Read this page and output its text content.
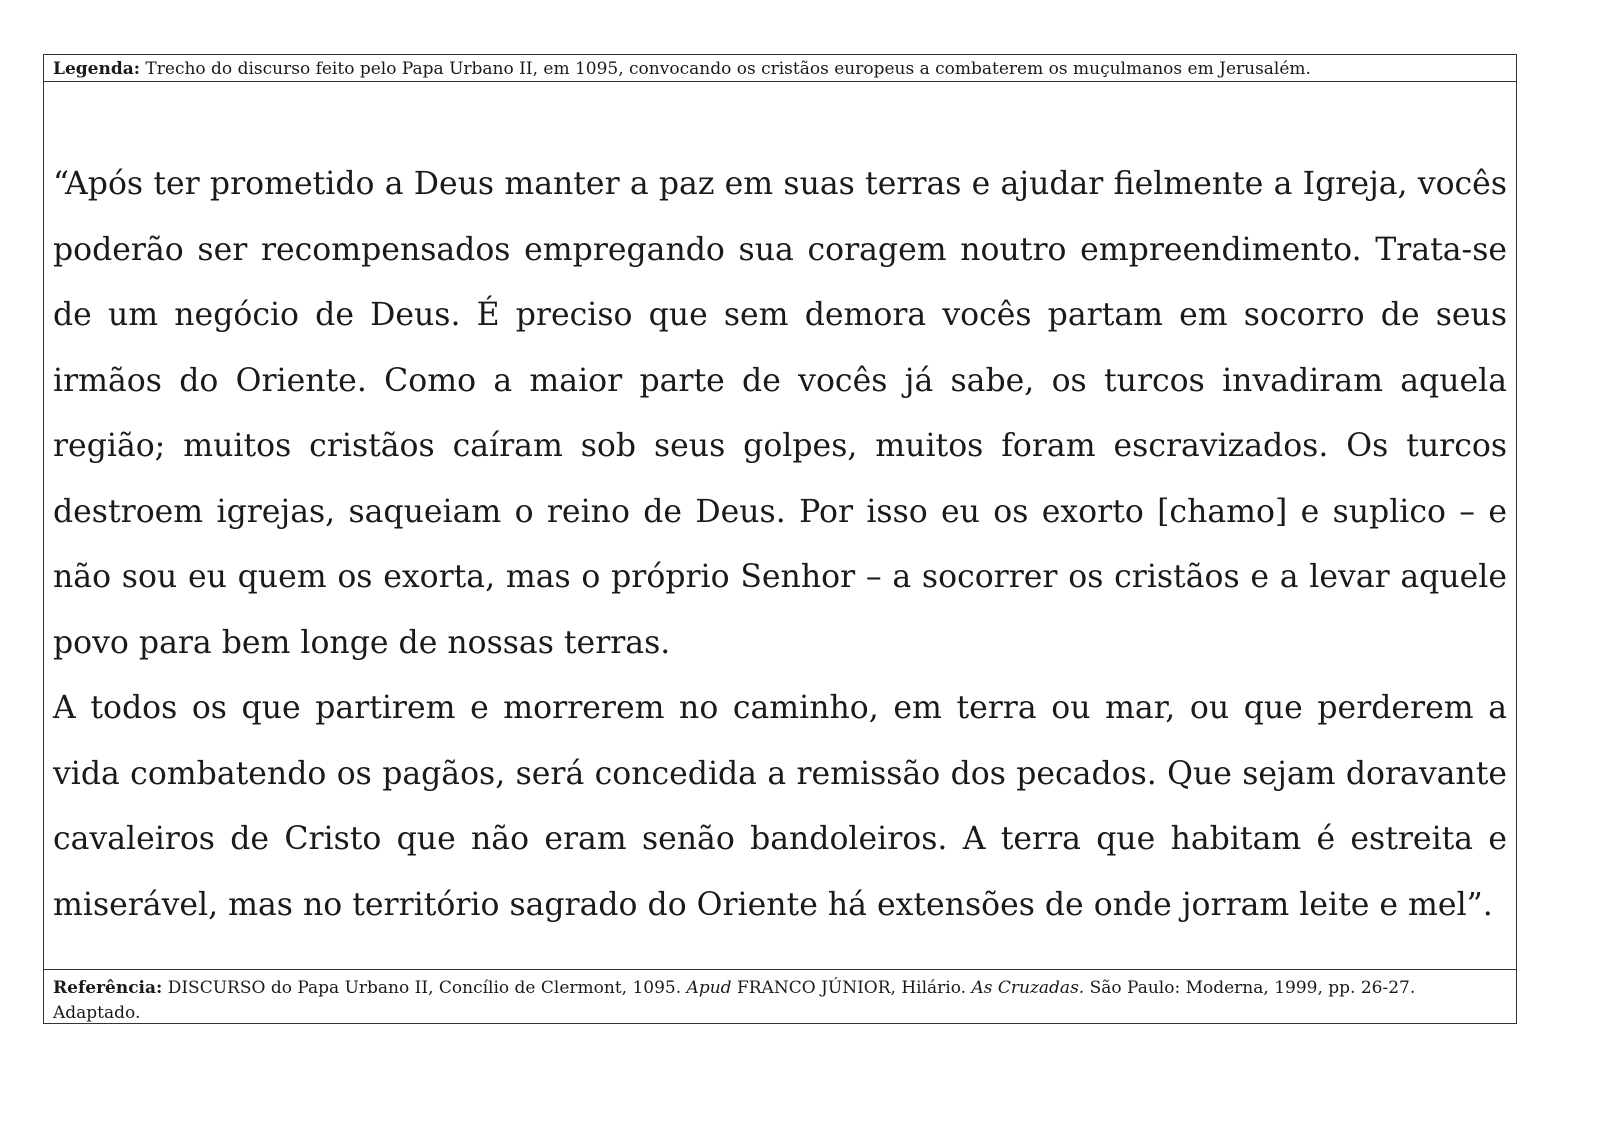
Legenda: Trecho do discurso feito pelo Papa Urbano II, em 1095, convocando os cristãos europeus a combaterem os muçulmanos em Jerusalém.

“Após ter prometido a Deus manter a paz em suas terras e ajudar fielmente a Igreja, vocês poderão ser recompensados empregando sua coragem noutro empreendimento. Trata-se de um negócio de Deus. É preciso que sem demora vocês partam em socorro de seus irmãos do Oriente. Como a maior parte de vocês já sabe, os turcos invadiram aquela região; muitos cristãos caíram sob seus golpes, muitos foram escravizados. Os turcos destroem igrejas, saqueiam o reino de Deus. Por isso eu os exorto [chamo] e suplico – e não sou eu quem os exorta, mas o próprio Senhor – a socorrer os cristãos e a levar aquele povo para bem longe de nossas terras.

A todos os que partirem e morrerem no caminho, em terra ou mar, ou que perderem a vida combatendo os pagãos, será concedida a remissão dos pecados. Que sejam doravante cavaleiros de Cristo que não eram senão bandoleiros. A terra que habitam é estreita e miserável, mas no território sagrado do Oriente há extensões de onde jorram leite e mel”.

Referência: DISCURSO do Papa Urbano II, Concílio de Clermont, 1095. Apud FRANCO JÚNIOR, Hilário. As Cruzadas. São Paulo: Moderna, 1999, pp. 26-27.
Adaptado.
